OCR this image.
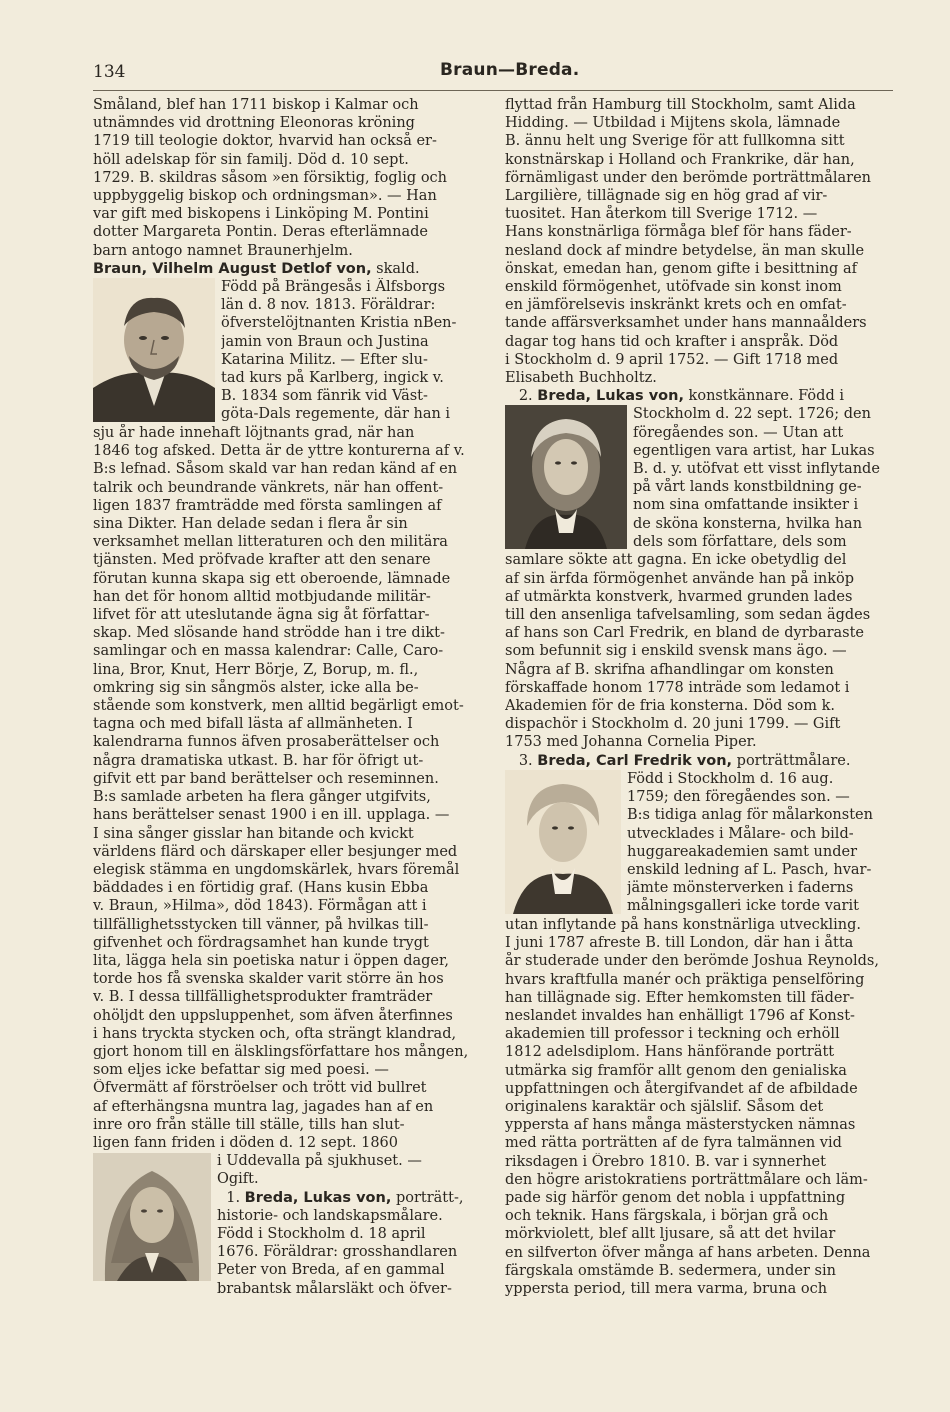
134	Braun—Breda.

Småland, blef han 1711 biskop i Kalmar och
utnämndes vid drottning Eleonoras kröning
1719 till teologie doktor, hvarvid han också er-
höll adelskap för sin familj. Död d. 10 sept.
1729. B. skildras såsom »en försiktig, foglig och
uppbyggelig biskop och ordningsman». — Han
var gift med biskopens i Linköping M. Pontini
dotter Margareta Pontin. Deras efterlämnade
barn antogo namnet Braunerhjelm.

Braun, Vilhelm August Detlof von, skald.

Född på Brängesås i Älfsborgs
län d. 8 nov. 1813. Föräldrar:
öfverstelöjtnanten Kristia nBen-
jamin von Braun och Justina
Katarina Militz. — Efter slu-
tad kurs på Karlberg, ingick v.
B. 1834 som fänrik vid Väst-
göta-Dals regemente, där han i

sju år hade innehaft löjtnants grad, när han
1846 tog afsked. Detta är de yttre konturerna af v.
B:s lefnad. Såsom skald var han redan känd af en
talrik och beundrande vänkrets, när han offent-
ligen 1837 framträdde med första samlingen af
sina Dikter. Han delade sedan i flera år sin
verksamhet mellan litteraturen och den militära
tjänsten. Med pröfvade krafter att den senare
förutan kunna skapa sig ett oberoende, lämnade
han det för honom alltid motbjudande militär-
lifvet för att uteslutande ägna sig åt författar-
skap. Med slösande hand strödde han i tre dikt-
samlingar och en massa kalendrar: Calle, Caro-
lina, Bror, Knut, Herr Börje, Z, Borup, m. fl.,
omkring sig sin sångmös alster, icke alla be-
stående som konstverk, men alltid begärligt emot-
tagna och med bifall lästa af allmänheten. I
kalendrarna funnos äfven prosaberättelser och
några dramatiska utkast. B. har för öfrigt ut-
gifvit ett par band berättelser och reseminnen.
B:s samlade arbeten ha flera gånger utgifvits,
hans berättelser senast 1900 i en ill. upplaga. —
I sina sånger gisslar han bitande och kvickt
världens flärd och därskaper eller besjunger med
elegisk stämma en ungdomskärlek, hvars föremål
bäddades i en förtidig graf. (Hans kusin Ebba
v. Braun, »Hilma», död 1843). Förmågan att i
tillfällighetsstycken till vänner, på hvilkas till-
gifvenhet och fördragsamhet han kunde trygt
lita, lägga hela sin poetiska natur i öppen dager,
torde hos få svenska skalder varit större än hos
v. B. I dessa tillfällighetsprodukter framträder
ohöljdt den uppsluppenhet, som äfven återfinnes
i hans tryckta stycken och, ofta strängt klandrad,
gjort honom till en älsklingsförfattare hos mången,
som eljes icke befattar sig med poesi. —
Öfvermätt af förströelser och trött vid bullret
af efterhängsna muntra lag, jagades han af en
inre oro från ställe till ställe, tills han slut-
ligen fann friden i döden d. 12 sept. 1860

i Uddevalla på sjukhuset. —
Ogift.

1. Breda, Lukas von, porträtt-,

historie- och landskapsmålare.
Född i Stockholm d. 18 april
1676. Föräldrar: grosshandlaren
Peter von Breda, af en gammal
brabantsk målarsläkt och öfver-

flyttad från Hamburg till Stockholm, samt Alida
Hidding. — Utbildad i Mijtens skola, lämnade
B. ännu helt ung Sverige för att fullkomna sitt
konstnärskap i Holland och Frankrike, där han,
förnämligast under den berömde porträttmålaren
Largilière, tillägnade sig en hög grad af vir-
tuositet. Han återkom till Sverige 1712. —
Hans konstnärliga förmåga blef för hans fäder-
nesland dock af mindre betydelse, än man skulle
önskat, emedan han, genom gifte i besittning af
enskild förmögenhet, utöfvade sin konst inom
en jämförelsevis inskränkt krets och en omfat-
tande affärsverksamhet under hans mannaålders
dagar tog hans tid och krafter i anspråk. Död
i Stockholm d. 9 april 1752. — Gift 1718 med
Elisabeth Buchholtz.

2. Breda, Lukas von, konstkännare. Född i

Stockholm d. 22 sept. 1726; den
föregåendes son. — Utan att
egentligen vara artist, har Lukas
B. d. y. utöfvat ett visst inflytande
på vårt lands konstbildning ge-
nom sina omfattande insikter i
de sköna konsterna, hvilka han
dels som författare, dels som

samlare sökte att gagna. En icke obetydlig del
af sin ärfda förmögenhet använde han på inköp
af utmärkta konstverk, hvarmed grunden lades
till den ansenliga tafvelsamling, som sedan ägdes
af hans son Carl Fredrik, en bland de dyrbaraste
som befunnit sig i enskild svensk mans ägo. —
Några af B. skrifna afhandlingar om konsten
förskaffade honom 1778 inträde som ledamot i
Akademien för de fria konsterna. Död som k.
dispachör i Stockholm d. 20 juni 1799. — Gift
1753 med Johanna Cornelia Piper.

3. Breda, Carl Fredrik von, porträttmålare.

Född i Stockholm d. 16 aug.
1759; den föregåendes son. —
B:s tidiga anlag för målarkonsten
utvecklades i Målare- och bild-
huggareakademien samt under
enskild ledning af L. Pasch, hvar-
jämte mönsterverken i faderns
målningsgalleri icke torde varit

utan inflytande på hans konstnärliga utveckling.
I juni 1787 afreste B. till London, där han i åtta
år studerade under den berömde Joshua Reynolds,
hvars kraftfulla manér och präktiga penselföring
han tillägnade sig. Efter hemkomsten till fäder-
neslandet invaldes han enhälligt 1796 af Konst-
akademien till professor i teckning och erhöll
1812 adelsdiplom. Hans hänförande porträtt
utmärka sig framför allt genom den genialiska
uppfattningen och återgifvandet af de afbildade
originalens karaktär och själslif. Såsom det
yppersta af hans många mästerstycken nämnas
med rätta porträtten af de fyra talmännen vid
riksdagen i Örebro 1810. B. var i synnerhet
den högre aristokratiens porträttmålare och läm-
pade sig härför genom det nobla i uppfattning
och teknik. Hans färgskala, i början grå och
mörkviolett, blef allt ljusare, så att det hvilar
en silfverton öfver många af hans arbeten. Denna
färgskala omstämde B. sedermera, under sin
yppersta period, till mera varma, bruna och
